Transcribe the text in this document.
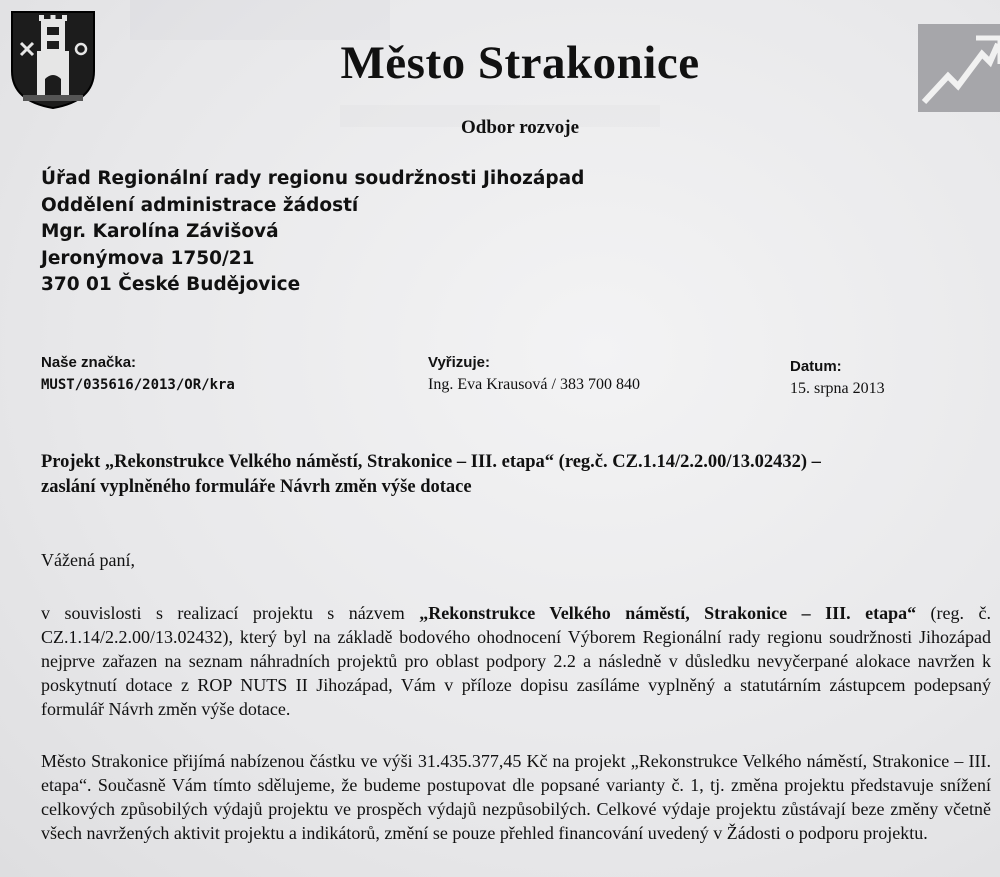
Město Strakonice
Odbor rozvoje
Úřad Regionální rady regionu soudržnosti Jihozápad
Oddělení administrace žádostí
Mgr. Karolína Závišová
Jeronýmova 1750/21
370 01 České Budějovice
Naše značka:
MUST/035616/2013/OR/kra
Vyřizuje:
Ing. Eva Krausová / 383 700 840
Datum:
15. srpna 2013
Projekt „Rekonstrukce Velkého náměstí, Strakonice – III. etapa“ (reg.č. CZ.1.14/2.2.00/13.02432) –
zaslání vyplněného formuláře Návrh změn výše dotace
Vážená paní,
v souvislosti s realizací projektu s názvem „Rekonstrukce Velkého náměstí, Strakonice – III. etapa“ (reg. č. CZ.1.14/2.2.00/13.02432), který byl na základě bodového ohodnocení Výborem Regionální rady regionu soudržnosti Jihozápad nejprve zařazen na seznam náhradních projektů pro oblast podpory 2.2 a následně v důsledku nevyčerpané alokace navržen k poskytnutí dotace z ROP NUTS II Jihozápad, Vám v příloze dopisu zasíláme vyplněný a statutárním zástupcem podepsaný formulář Návrh změn výše dotace.
Město Strakonice přijímá nabízenou částku ve výši 31.435.377,45 Kč na projekt „Rekonstrukce Velkého náměstí, Strakonice – III. etapa“. Současně Vám tímto sdělujeme, že budeme postupovat dle popsané varianty č. 1, tj. změna projektu představuje snížení celkových způsobilých výdajů projektu ve prospěch výdajů nezpůsobilých. Celkové výdaje projektu zůstávají beze změny včetně všech navržených aktivit projektu a indikátorů, změní se pouze přehled financování uvedený v Žádosti o podporu projektu.
